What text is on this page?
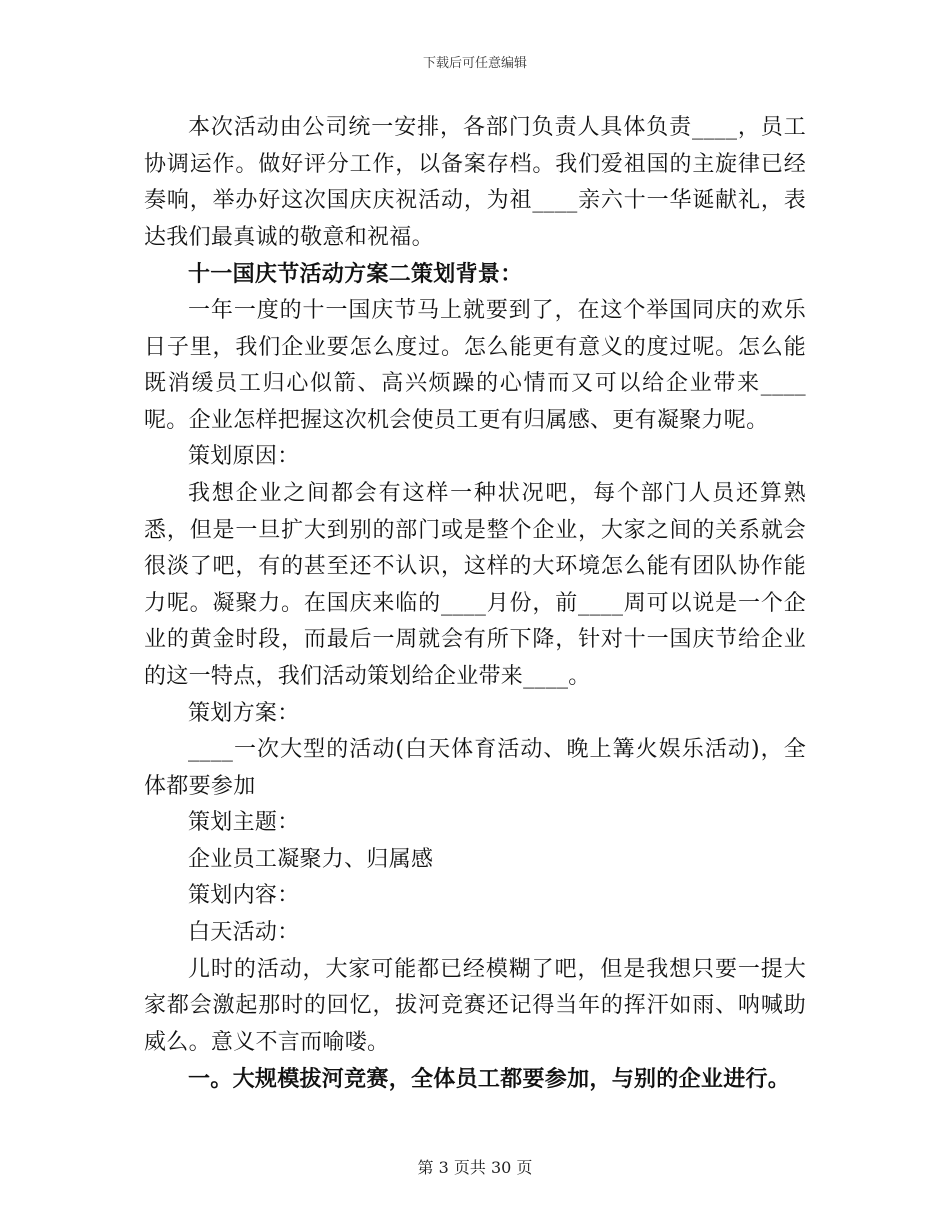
下载后可任意编辑

本次活动由公司统一安排，各部门负责人具体负责____，员工协调运作。做好评分工作，以备案存档。我们爱祖国的主旋律已经奏响，举办好这次国庆庆祝活动，为祖____亲六十一华诞献礼，表达我们最真诚的敬意和祝福。

十一国庆节活动方案二策划背景：

一年一度的十一国庆节马上就要到了，在这个举国同庆的欢乐日子里，我们企业要怎么度过。怎么能更有意义的度过呢。怎么能既消缓员工归心似箭、高兴烦躁的心情而又可以给企业带来____呢。企业怎样把握这次机会使员工更有归属感、更有凝聚力呢。

策划原因：

我想企业之间都会有这样一种状况吧，每个部门人员还算熟悉，但是一旦扩大到别的部门或是整个企业，大家之间的关系就会很淡了吧，有的甚至还不认识，这样的大环境怎么能有团队协作能力呢。凝聚力。在国庆来临的____月份，前____周可以说是一个企业的黄金时段，而最后一周就会有所下降，针对十一国庆节给企业的这一特点，我们活动策划给企业带来____。

策划方案：

____一次大型的活动(白天体育活动、晚上篝火娱乐活动)，全体都要参加

策划主题：

企业员工凝聚力、归属感

策划内容：

白天活动：

儿时的活动，大家可能都已经模糊了吧，但是我想只要一提大家都会激起那时的回忆，拔河竞赛还记得当年的挥汗如雨、呐喊助威么。意义不言而喻喽。

一。大规模拔河竞赛，全体员工都要参加，与别的企业进行。

第 3 页共 30 页
